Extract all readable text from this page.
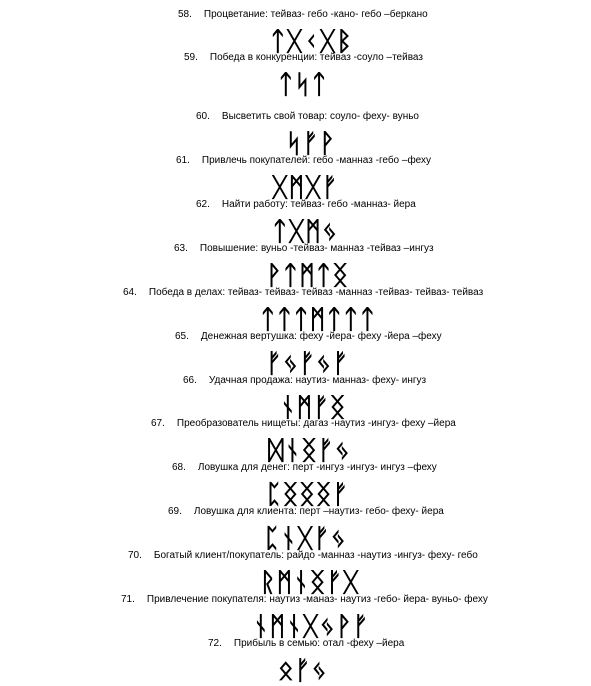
58. Процветание: тейваз- гебо -кано- гебо –беркано
ᛏᚷᚲᚷᛒ
59. Победа в конкуренции: тейваз -соуло –тейваз
ᛏᛋᛏ
60. Высветить свой товар: соуло- феху- вуньо
ᛋᚠᚹ
61. Привлечь покупателей: гебо -манназ -гебо –феху
ᚷᛗᚷᚠ
62. Найти работу: тейваз- гебо -манназ- йера
ᛏᚷᛗᛃ
63. Повышение: вуньо -тейваз- манназ -тейваз –ингуз
ᚹᛏᛗᛏᛝ
64. Победа в делах: тейваз- тейваз- тейваз -манназ -тейваз- тейваз- тейваз
ᛏᛏᛏᛗᛏᛏᛏ
65. Денежная вертушка: феху -йера- феху -йера –феху
ᚠᛃᚠᛃᚠ
66. Удачная продажа: наутиз- манназ- феху- ингуз
ᚾᛗᚠᛝ
67. Преобразователь нищеты: дагаз -наутиз -ингуз- феху –йера
ᛞᚾᛝᚠᛃ
68. Ловушка для денег: перт -ингуз -ингуз- ингуз –феху
ᛈᛝᛝᛝᚠ
69. Ловушка для клиента: перт –наутиз- гебо- феху- йера
ᛈᚾᚷᚠᛃ
70. Богатый клиент/покупатель: райдо -манназ -наутиз -ингуз- феху- гебо
ᚱᛗᚾᛝᚠᚷ
71. Привлечение покупателя: наутиз -маназ- наутиз -гебо- йера- вуньо- феху
ᚾᛗᚾᚷᛃᚹᚠ
72. Прибыль в семью: отал -феху –йера
ᛟᚠᛃ
